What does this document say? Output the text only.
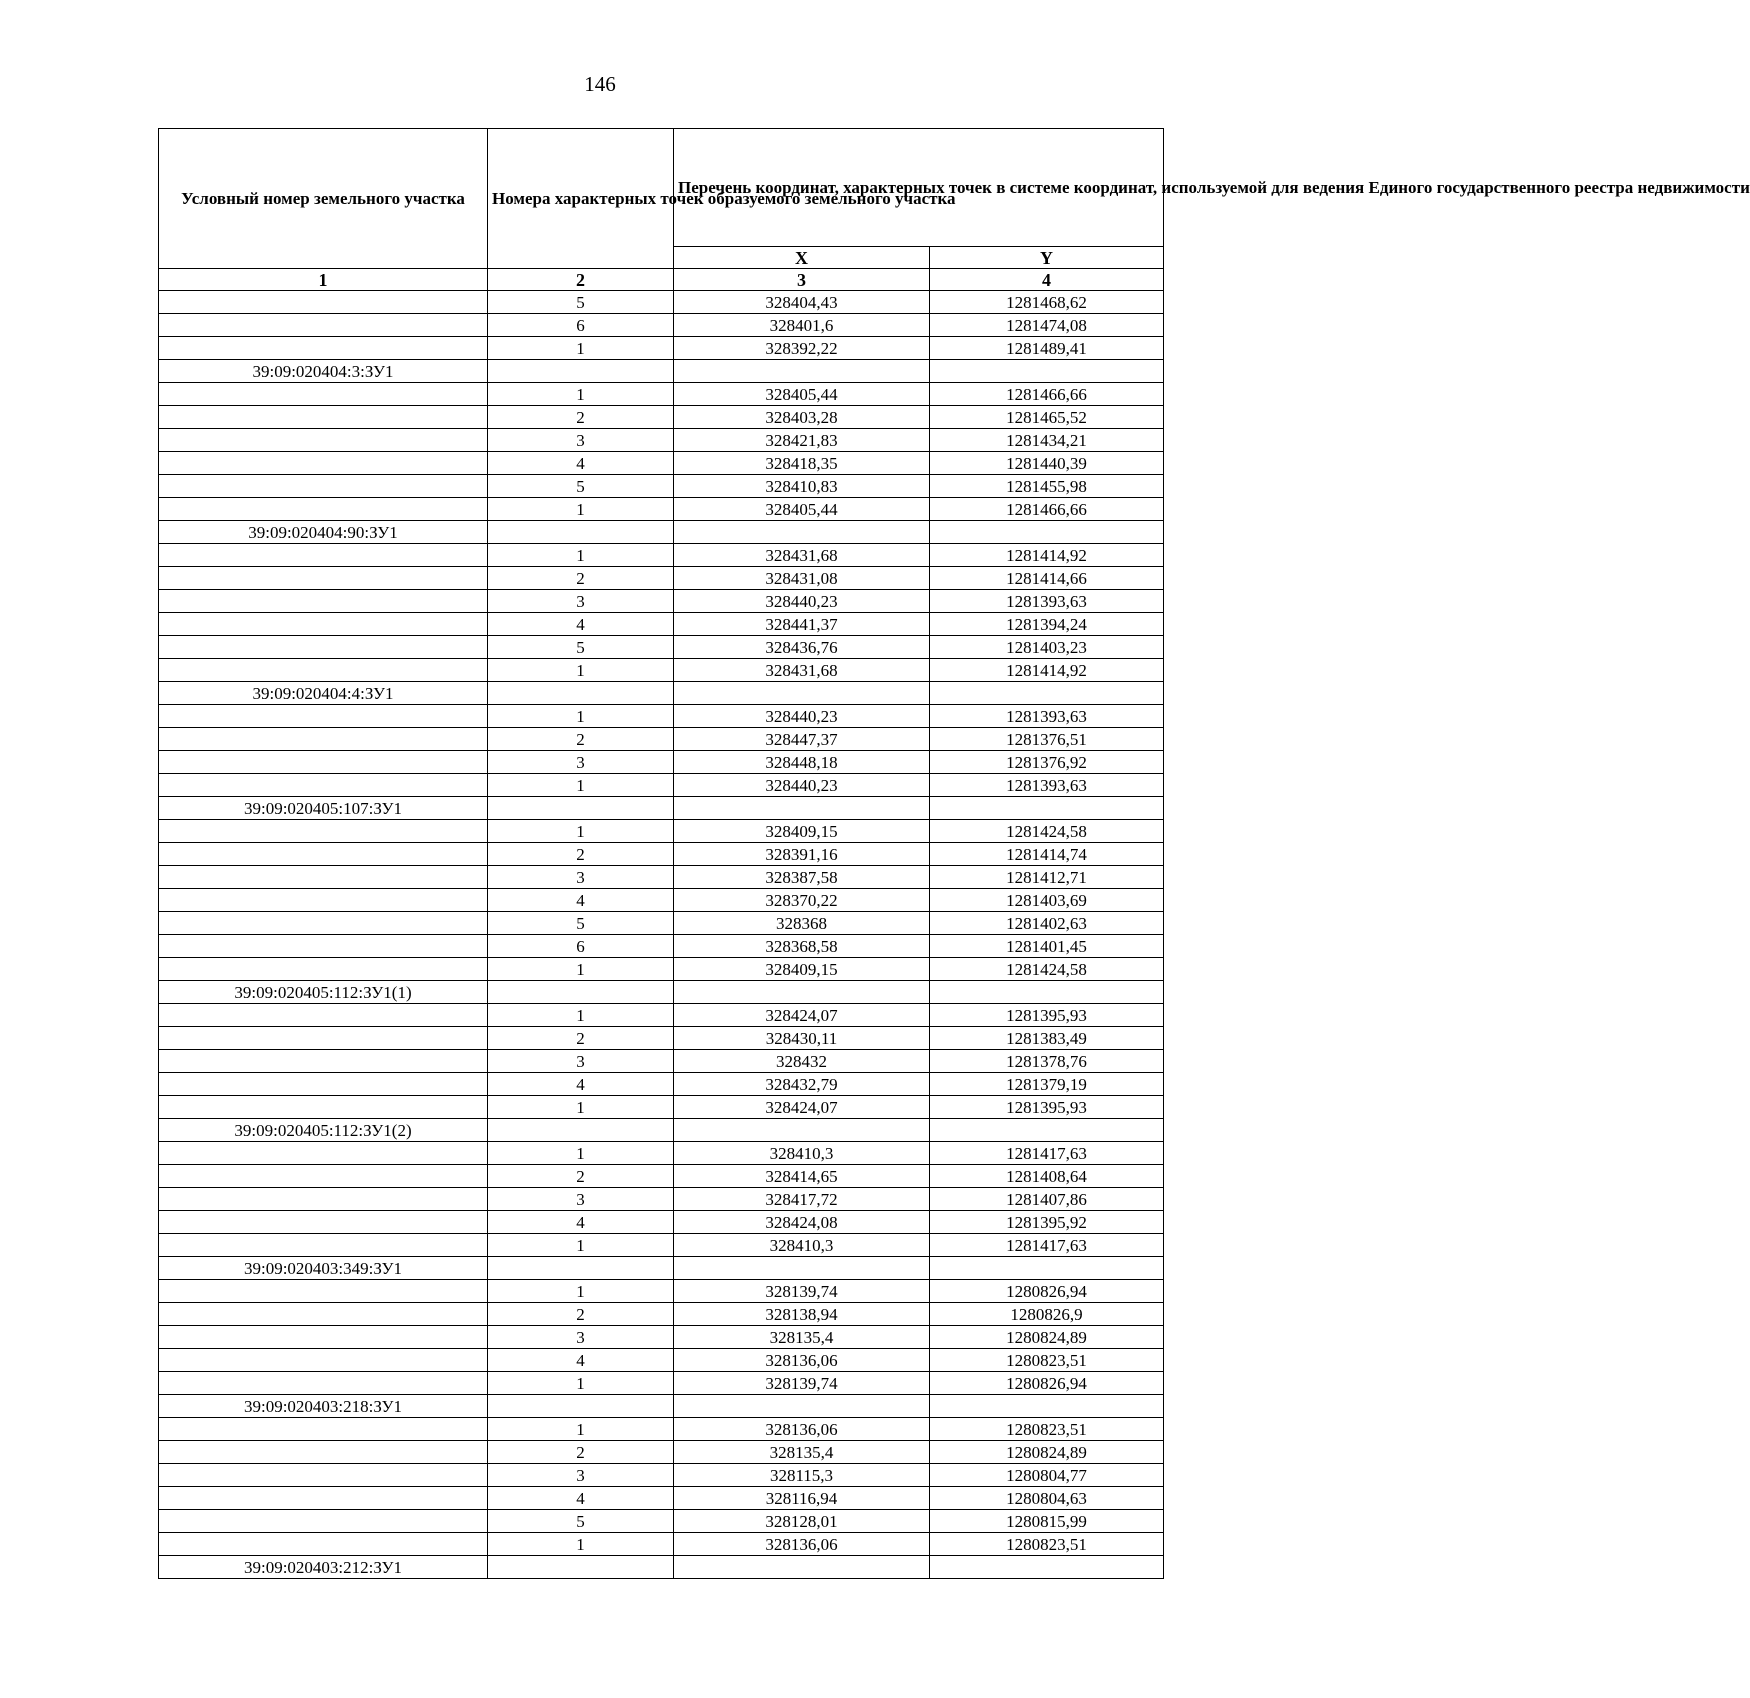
146
Условный номер земельного участка	Номера характерных точек образуемого земельного участка	Перечень координат, характерных точек в системе координат, используемой для ведения Единого государственного реестра недвижимости	
		X	Y
1	2	3	4
	5	328404,43	1281468,62
	6	328401,6	1281474,08
	1	328392,22	1281489,41
39:09:020404:3:ЗУ1			
	1	328405,44	1281466,66
	2	328403,28	1281465,52
	3	328421,83	1281434,21
	4	328418,35	1281440,39
	5	328410,83	1281455,98
	1	328405,44	1281466,66
39:09:020404:90:ЗУ1			
	1	328431,68	1281414,92
	2	328431,08	1281414,66
	3	328440,23	1281393,63
	4	328441,37	1281394,24
	5	328436,76	1281403,23
	1	328431,68	1281414,92
39:09:020404:4:ЗУ1			
	1	328440,23	1281393,63
	2	328447,37	1281376,51
	3	328448,18	1281376,92
	1	328440,23	1281393,63
39:09:020405:107:ЗУ1			
	1	328409,15	1281424,58
	2	328391,16	1281414,74
	3	328387,58	1281412,71
	4	328370,22	1281403,69
	5	328368	1281402,63
	6	328368,58	1281401,45
	1	328409,15	1281424,58
39:09:020405:112:ЗУ1(1)			
	1	328424,07	1281395,93
	2	328430,11	1281383,49
	3	328432	1281378,76
	4	328432,79	1281379,19
	1	328424,07	1281395,93
39:09:020405:112:ЗУ1(2)			
	1	328410,3	1281417,63
	2	328414,65	1281408,64
	3	328417,72	1281407,86
	4	328424,08	1281395,92
	1	328410,3	1281417,63
39:09:020403:349:ЗУ1			
	1	328139,74	1280826,94
	2	328138,94	1280826,9
	3	328135,4	1280824,89
	4	328136,06	1280823,51
	1	328139,74	1280826,94
39:09:020403:218:ЗУ1			
	1	328136,06	1280823,51
	2	328135,4	1280824,89
	3	328115,3	1280804,77
	4	328116,94	1280804,63
	5	328128,01	1280815,99
	1	328136,06	1280823,51
39:09:020403:212:ЗУ1			
